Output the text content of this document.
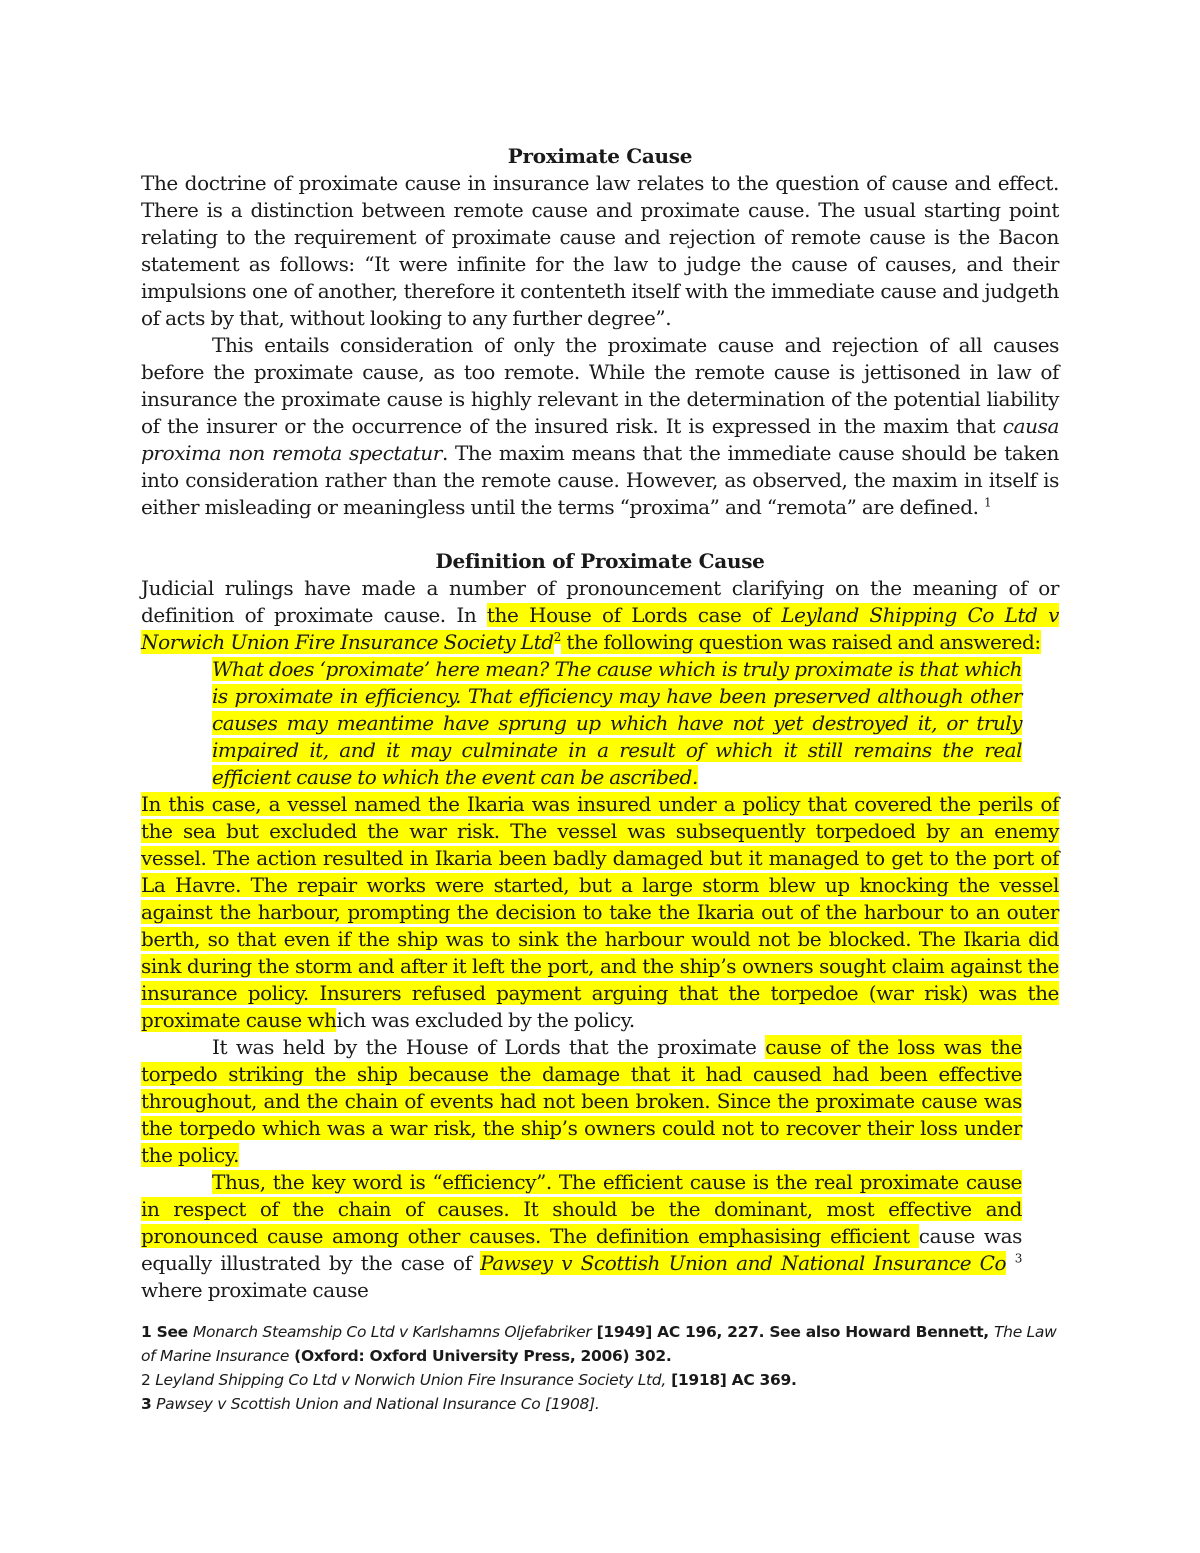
Proximate Cause

The doctrine of proximate cause in insurance law relates to the question of cause and effect. There is a distinction between remote cause and proximate cause. The usual starting point relating to the requirement of proximate cause and rejection of remote cause is the Bacon statement as follows: “It were infinite for the law to judge the cause of causes, and their impulsions one of another, therefore it contenteth itself with the immediate cause and judgeth of acts by that, without looking to any further degree”.

This entails consideration of only the proximate cause and rejection of all causes before the proximate cause, as too remote. While the remote cause is jettisoned in law of insurance the proximate cause is highly relevant in the determination of the potential liability of the insurer or the occurrence of the insured risk. It is expressed in the maxim that causa proxima non remota spectatur. The maxim means that the immediate cause should be taken into consideration rather than the remote cause. However, as observed, the maxim in itself is either misleading or meaningless until the terms “proxima” and “remota” are defined. $^1$

Definition of Proximate Cause

Judicial rulings have made a number of pronouncement clarifying on the meaning of or definition of proximate cause. In the House of Lords case of Leyland Shipping Co Ltd v Norwich Union Fire Insurance Society Ltd$^2$ the following question was raised and answered:

What does ‘proximate’ here mean? The cause which is truly proximate is that which is proximate in efficiency. That efficiency may have been preserved although other causes may meantime have sprung up which have not yet destroyed it, or truly impaired it, and it may culminate in a result of which it still remains the real efficient cause to which the event can be ascribed.

In this case, a vessel named the Ikaria was insured under a policy that covered the perils of the sea but excluded the war risk. The vessel was subsequently torpedoed by an enemy vessel. The action resulted in Ikaria been badly damaged but it managed to get to the port of La Havre. The repair works were started, but a large storm blew up knocking the vessel against the harbour, prompting the decision to take the Ikaria out of the harbour to an outer berth, so that even if the ship was to sink the harbour would not be blocked. The Ikaria did sink during the storm and after it left the port, and the ship’s owners sought claim against the insurance policy. Insurers refused payment arguing that the torpedoe (war risk) was the proximate cause which was excluded by the policy.

It was held by the House of Lords that the proximate cause of the loss was the torpedo striking the ship because the damage that it had caused had been effective throughout, and the chain of events had not been broken. Since the proximate cause was the torpedo which was a war risk, the ship’s owners could not to recover their loss under the policy.

Thus, the key word is “efficiency”. The efficient cause is the real proximate cause in respect of the chain of causes. It should be the dominant, most effective and pronounced cause among other causes. The definition emphasising efficient cause was equally illustrated by the case of Pawsey v Scottish Union and National Insurance Co $^3$ where proximate cause

1 See Monarch Steamship Co Ltd v Karlshamns Oljefabriker [1949] AC 196, 227. See also Howard Bennett, The Law of Marine Insurance (Oxford: Oxford University Press, 2006) 302.

2 Leyland Shipping Co Ltd v Norwich Union Fire Insurance Society Ltd, [1918] AC 369.

3 Pawsey v Scottish Union and National Insurance Co [1908].
